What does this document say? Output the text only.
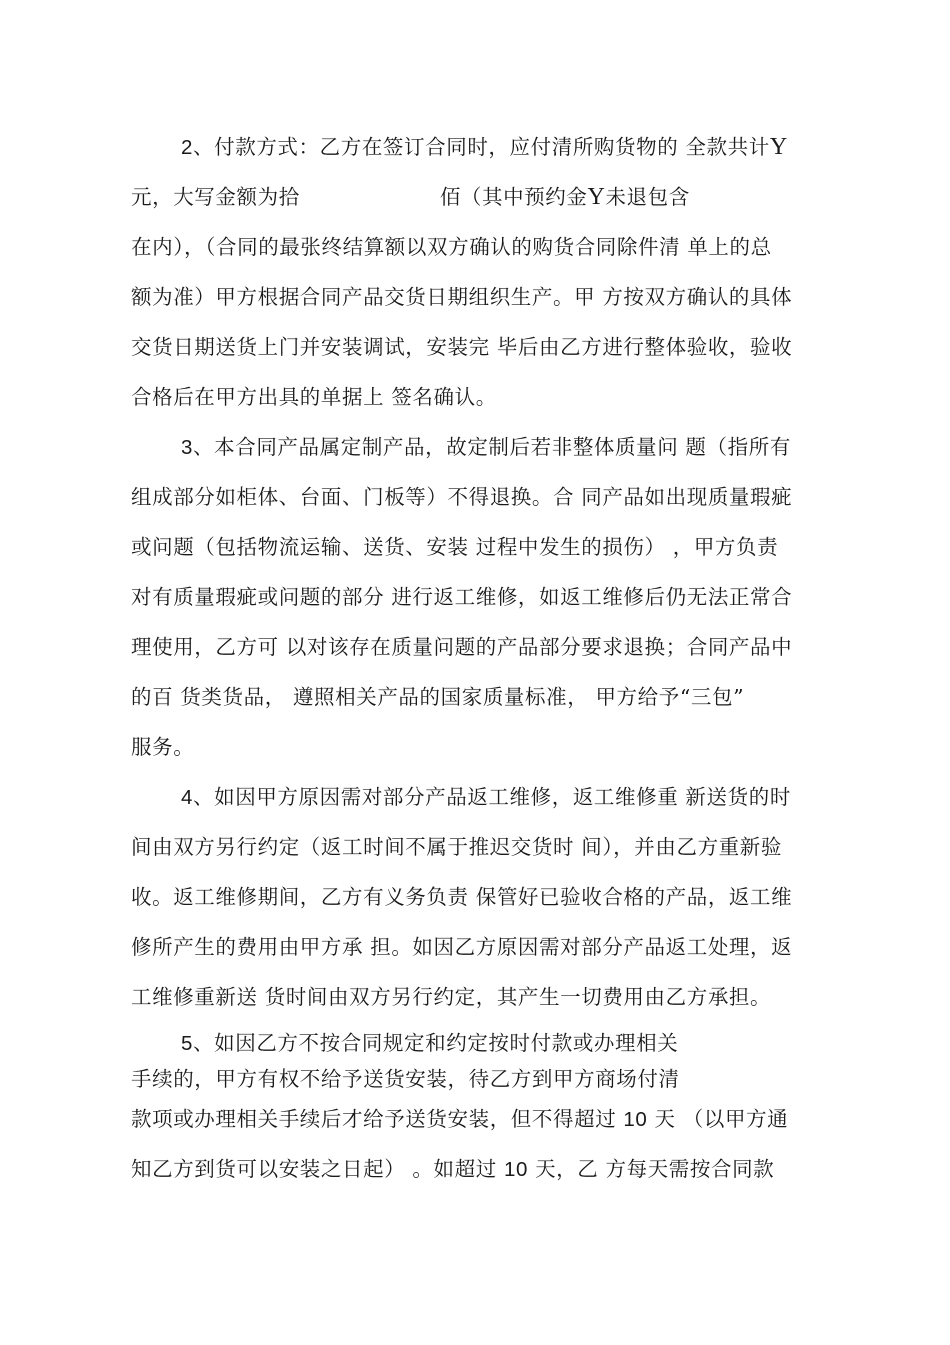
2、付款方式：乙方在签订合同时，应付清所购货物的 全款共计Y
元，大写金额为拾	佰（其中预约金Y未退包含
在内），（合同的最张终结算额以双方确认的购货合同除件清 单上的总
额为准）甲方根据合同产品交货日期组织生产。甲 方按双方确认的具体
交货日期送货上门并安装调试，安装完 毕后由乙方进行整体验收，验收
合格后在甲方出具的单据上 签名确认。
3、本合同产品属定制产品，故定制后若非整体质量问 题（指所有
组成部分如柜体、台面、门板等）不得退换。合 同产品如出现质量瑕疵
或问题（包括物流运输、送货、安装 过程中发生的损伤） ，甲方负责
对有质量瑕疵或问题的部分 进行返工维修，如返工维修后仍无法正常合
理使用，乙方可 以对该存在质量问题的产品部分要求退换；合同产品中
的百 货类货品， 遵照相关产品的国家质量标准， 甲方给予“三包”
服务。
4、如因甲方原因需对部分产品返工维修，返工维修重 新送货的时
间由双方另行约定（返工时间不属于推迟交货时 间），并由乙方重新验
收。返工维修期间，乙方有义务负责 保管好已验收合格的产品，返工维
修所产生的费用由甲方承 担。如因乙方原因需对部分产品返工处理，返
工维修重新送 货时间由双方另行约定，其产生一切费用由乙方承担。
5、如因乙方不按合同规定和约定按时付款或办理相关
手续的，甲方有权不给予送货安装，待乙方到甲方商场付清
款项或办理相关手续后才给予送货安装，但不得超过 10 天 （以甲方通
知乙方到货可以安装之日起） 。如超过 10 天，乙 方每天需按合同款
